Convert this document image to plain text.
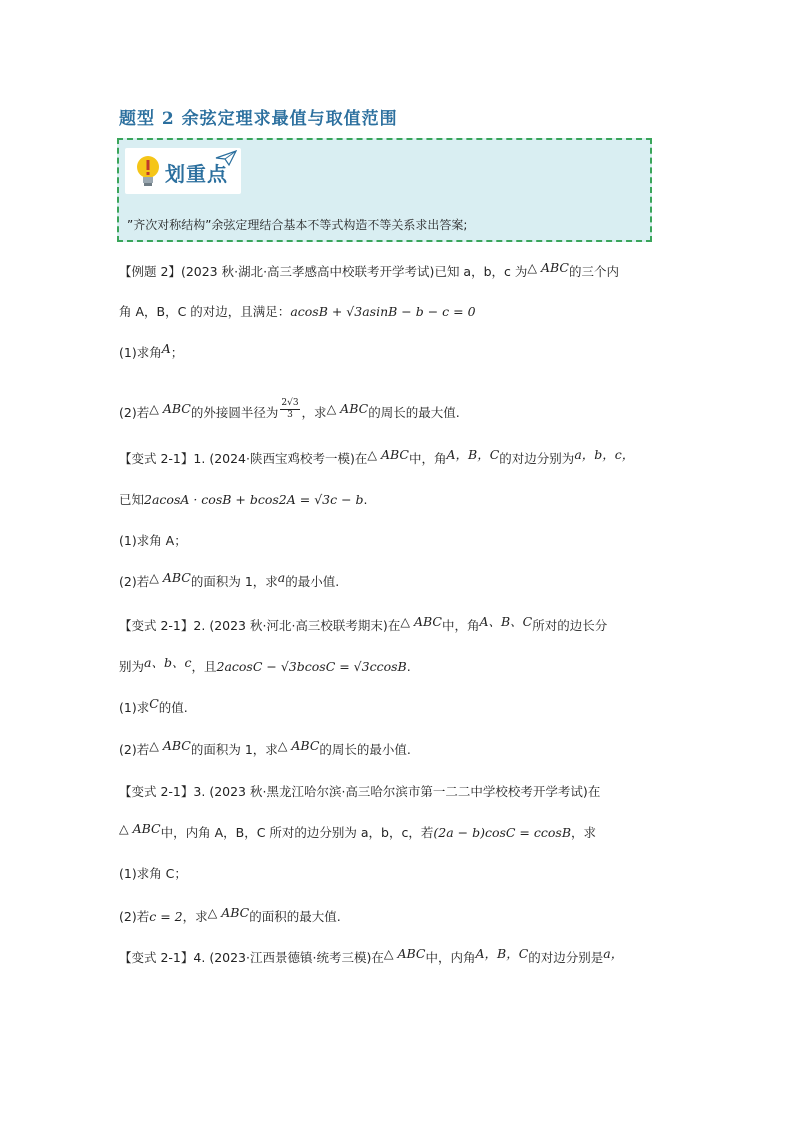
题型 2 余弦定理求最值与取值范围
划重点
”齐次对称结构”余弦定理结合基本不等式构造不等关系求出答案;
【例题 2】(2023 秋·湖北·高三孝感高中校联考开学考试)已知 a，b，c 为△ ABC的三个内
角 A，B，C 的对边，且满足：acosB + √3asinB − b − c = 0
(1)求角A；
(2)若△ ABC的外接圆半径为 $\frac{2√3}{3}$ ，求△ ABC的周长的最大值.
【变式 2-1】1. (2024·陕西宝鸡校考一模)在△ ABC中，角A，B，C的对边分别为a，b，c，
已知2acosA · cosB + bcos2A = √3c − b.
(1)求角 A；
(2)若△ ABC的面积为 1，求a的最小值.
【变式 2-1】2. (2023 秋·河北·高三校联考期末)在△ ABC中，角A、B、C所对的边长分
别为a、b、c，且2acosC − √3bcosC = √3ccosB.
(1)求C的值.
(2)若△ ABC的面积为 1，求△ ABC的周长的最小值.
【变式 2-1】3. (2023 秋·黑龙江哈尔滨·高三哈尔滨市第一二二中学校校考开学考试)在
△ ABC中，内角 A，B，C 所对的边分别为 a，b，c，若(2a − b)cosC = ccosB，求
(1)求角 C；
(2)若c = 2，求△ ABC的面积的最大值.
【变式 2-1】4. (2023·江西景德镇·统考三模)在△ ABC中，内角A，B，C的对边分别是a，
